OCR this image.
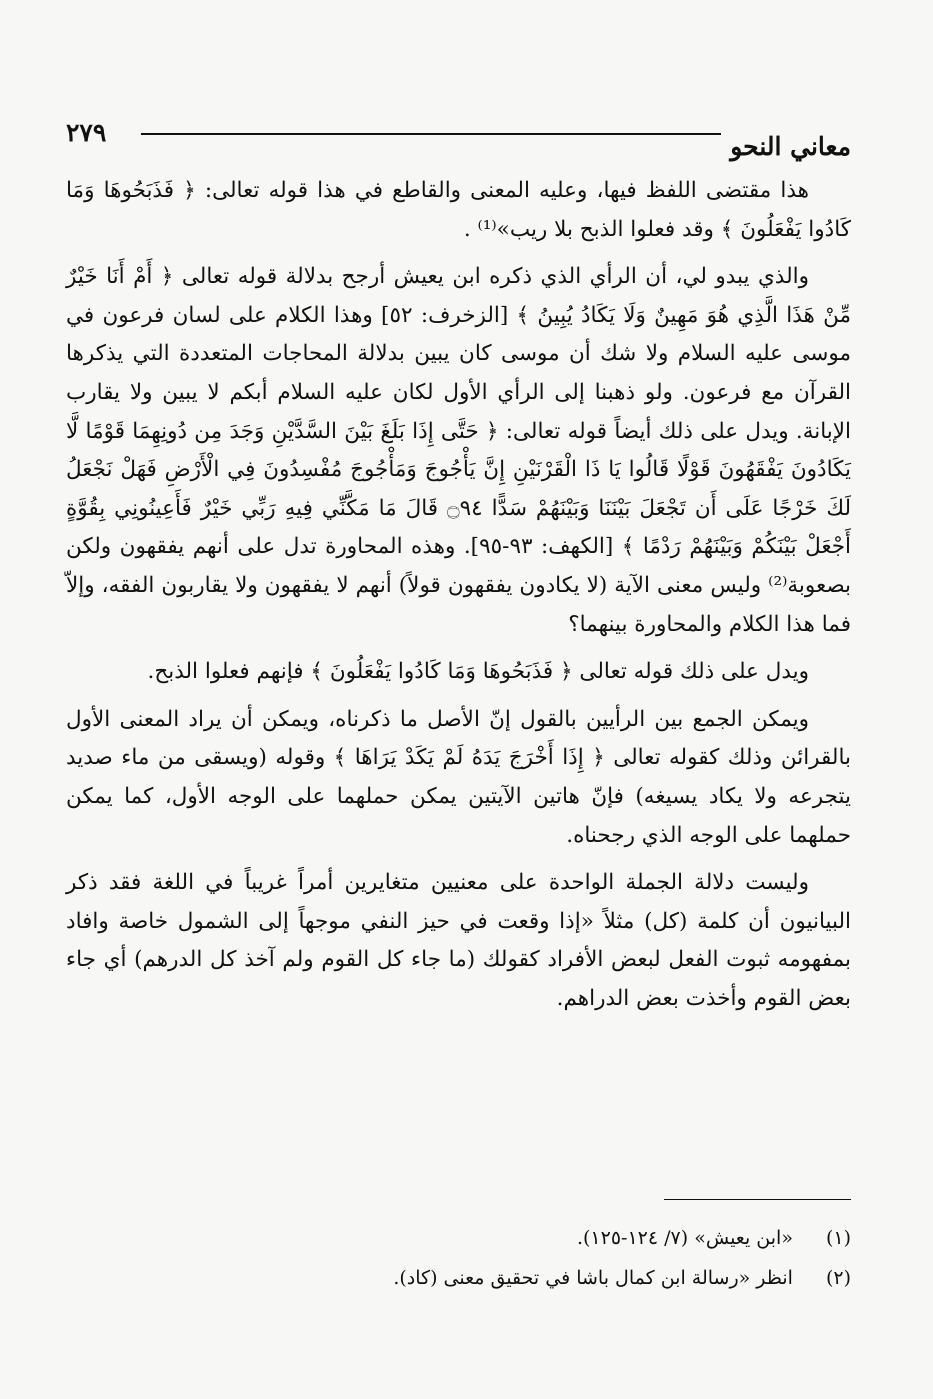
٢٧٩	معاني النحو

هذا مقتضى اللفظ فيها، وعليه المعنى والقاطع في هذا قوله تعالى: ﴿ فَذَبَحُوهَا وَمَا كَادُوا يَفْعَلُونَ ﴾ وقد فعلوا الذبح بلا ريب»⁽¹⁾ .

والذي يبدو لي، أن الرأي الذي ذكره ابن يعيش أرجح بدلالة قوله تعالى ﴿ أَمْ أَنَا خَيْرٌ مِّنْ هَذَا الَّذِي هُوَ مَهِينٌ وَلَا يَكَادُ يُبِينُ ﴾ [الزخرف: ٥٢] وهذا الكلام على لسان فرعون في موسى عليه السلام ولا شك أن موسى كان يبين بدلالة المحاجات المتعددة التي يذكرها القرآن مع فرعون. ولو ذهبنا إلى الرأي الأول لكان عليه السلام أبكم لا يبين ولا يقارب الإبانة. ويدل على ذلك أيضاً قوله تعالى: ﴿ حَتَّى إِذَا بَلَغَ بَيْنَ السَّدَّيْنِ وَجَدَ مِن دُونِهِمَا قَوْمًا لَّا يَكَادُونَ يَفْقَهُونَ قَوْلًا قَالُوا يَا ذَا الْقَرْنَيْنِ إِنَّ يَأْجُوجَ وَمَأْجُوجَ مُفْسِدُونَ فِي الْأَرْضِ فَهَلْ نَجْعَلُ لَكَ خَرْجًا عَلَى أَن تَجْعَلَ بَيْنَنَا وَبَيْنَهُمْ سَدًّا ۝٩٤ قَالَ مَا مَكَّنِّي فِيهِ رَبِّي خَيْرٌ فَأَعِينُونِي بِقُوَّةٍ أَجْعَلْ بَيْنَكُمْ وَبَيْنَهُمْ رَدْمًا ﴾ [الكهف: ٩٣-٩٥]. وهذه المحاورة تدل على أنهم يفقهون ولكن بصعوبة⁽²⁾ وليس معنى الآية (لا يكادون يفقهون قولاً) أنهم لا يفقهون ولا يقاربون الفقه، وإلاّ فما هذا الكلام والمحاورة بينهما؟

ويدل على ذلك قوله تعالى ﴿ فَذَبَحُوهَا وَمَا كَادُوا يَفْعَلُونَ ﴾ فإنهم فعلوا الذبح.

ويمكن الجمع بين الرأيين بالقول إنّ الأصل ما ذكرناه، ويمكن أن يراد المعنى الأول بالقرائن وذلك كقوله تعالى ﴿ إِذَا أَخْرَجَ يَدَهُ لَمْ يَكَدْ يَرَاهَا ﴾ وقوله (ويسقى من ماء صديد يتجرعه ولا يكاد يسيغه) فإنّ هاتين الآيتين يمكن حملهما على الوجه الأول، كما يمكن حملهما على الوجه الذي رجحناه.

وليست دلالة الجملة الواحدة على معنيين متغايرين أمراً غريباً في اللغة فقد ذكر البيانيون أن كلمة (كل) مثلاً «إذا وقعت في حيز النفي موجهاً إلى الشمول خاصة وافاد بمفهومه ثبوت الفعل لبعض الأفراد كقولك (ما جاء كل القوم ولم آخذ كل الدرهم) أي جاء بعض القوم وأخذت بعض الدراهم.

(١) «ابن يعيش» (٧/ ١٢٤-١٢٥).

(٢) انظر «رسالة ابن كمال باشا في تحقيق معنى (كاد).
